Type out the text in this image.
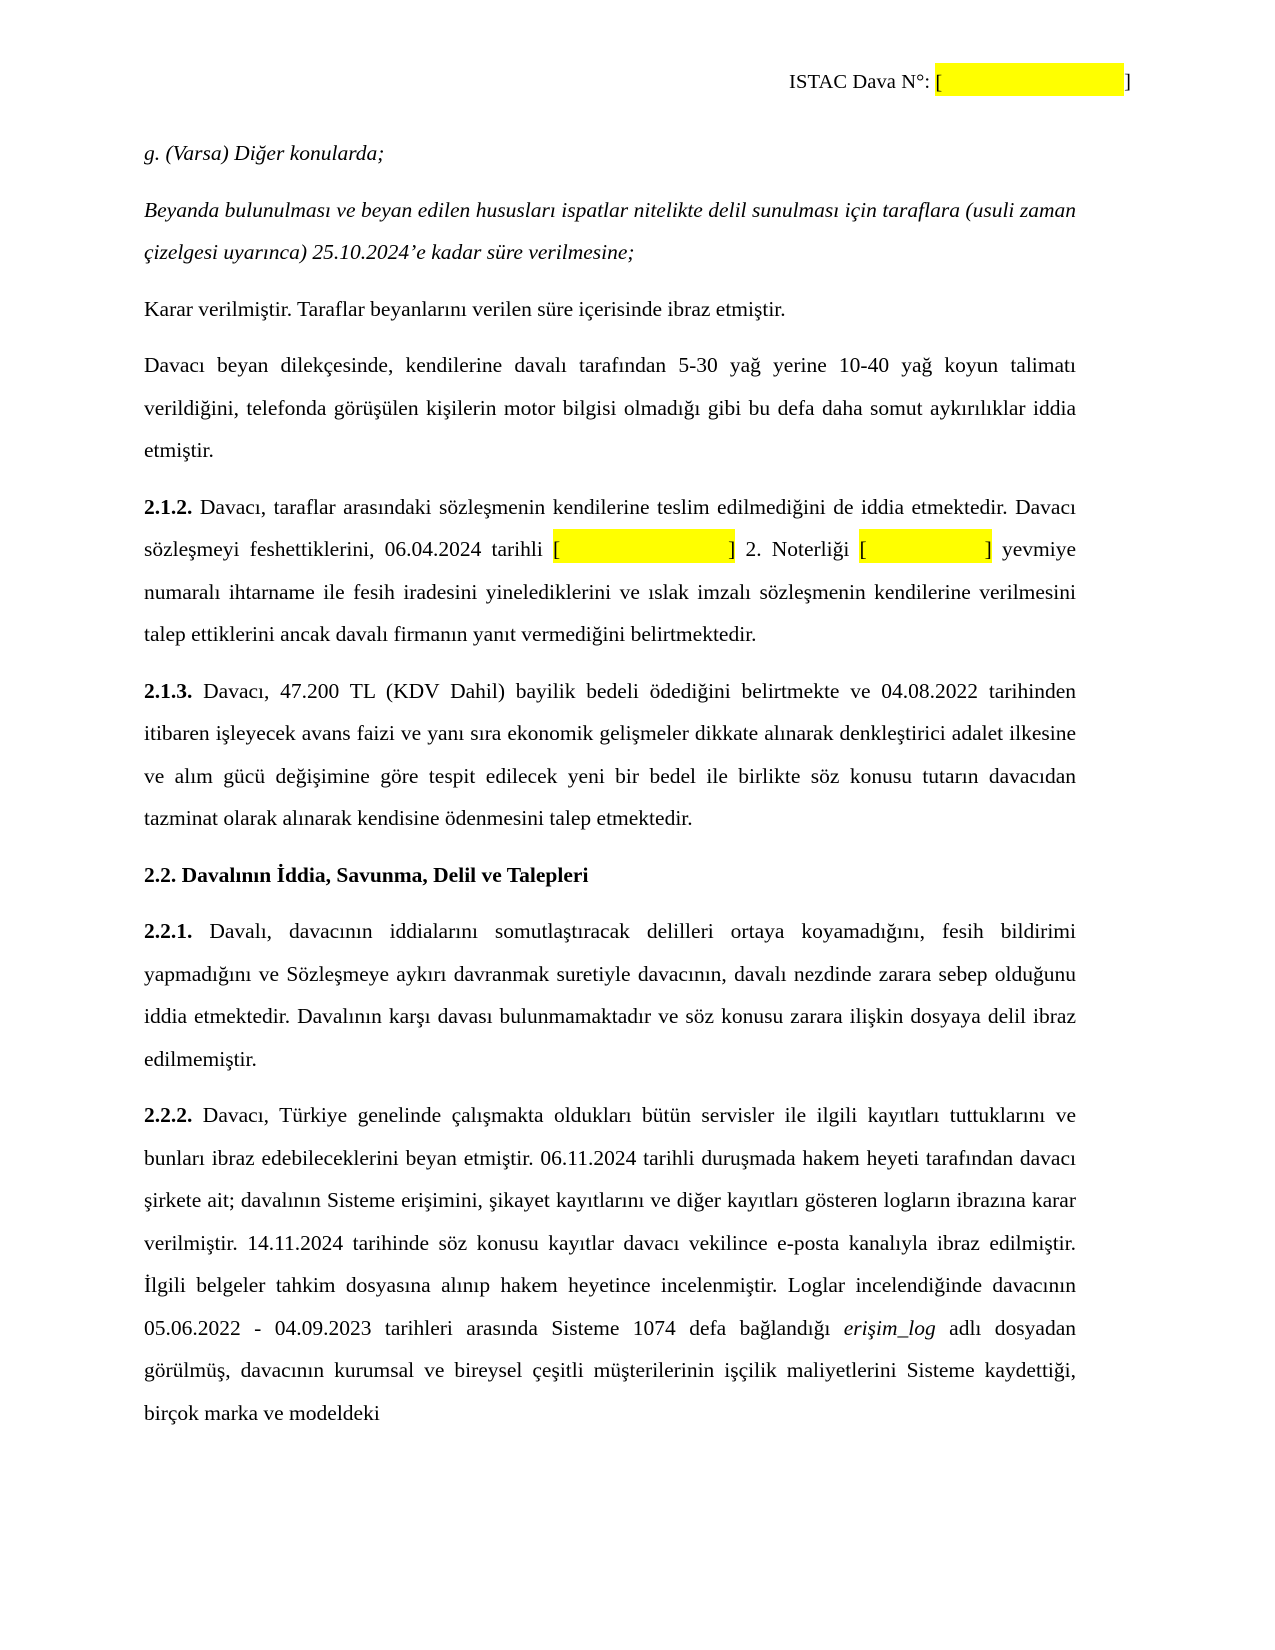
ISTAC Dava N°: [	]

g. (Varsa) Diğer konularda;

Beyanda bulunulması ve beyan edilen hususları ispatlar nitelikte delil sunulması için taraflara (usuli zaman çizelgesi uyarınca) 25.10.2024’e kadar süre verilmesine;

Karar verilmiştir. Taraflar beyanlarını verilen süre içerisinde ibraz etmiştir.

Davacı beyan dilekçesinde, kendilerine davalı tarafından 5-30 yağ yerine 10-40 yağ koyun talimatı verildiğini, telefonda görüşülen kişilerin motor bilgisi olmadığı gibi bu defa daha somut aykırılıklar iddia etmiştir.

2.1.2. Davacı, taraflar arasındaki sözleşmenin kendilerine teslim edilmediğini de iddia etmektedir. Davacı sözleşmeyi feshettiklerini, 06.04.2024 tarihli [	] 2. Noterliği [	] yevmiye numaralı ihtarname ile fesih iradesini yinelediklerini ve ıslak imzalı sözleşmenin kendilerine verilmesini talep ettiklerini ancak davalı firmanın yanıt vermediğini belirtmektedir.

2.1.3. Davacı, 47.200 TL (KDV Dahil) bayilik bedeli ödediğini belirtmekte ve 04.08.2022 tarihinden itibaren işleyecek avans faizi ve yanı sıra ekonomik gelişmeler dikkate alınarak denkleştirici adalet ilkesine ve alım gücü değişimine göre tespit edilecek yeni bir bedel ile birlikte söz konusu tutarın davacıdan tazminat olarak alınarak kendisine ödenmesini talep etmektedir.

2.2. Davalının İddia, Savunma, Delil ve Talepleri

2.2.1. Davalı, davacının iddialarını somutlaştıracak delilleri ortaya koyamadığını, fesih bildirimi yapmadığını ve Sözleşmeye aykırı davranmak suretiyle davacının, davalı nezdinde zarara sebep olduğunu iddia etmektedir. Davalının karşı davası bulunmamaktadır ve söz konusu zarara ilişkin dosyaya delil ibraz edilmemiştir.

2.2.2. Davacı, Türkiye genelinde çalışmakta oldukları bütün servisler ile ilgili kayıtları tuttuklarını ve bunları ibraz edebileceklerini beyan etmiştir. 06.11.2024 tarihli duruşmada hakem heyeti tarafından davacı şirkete ait; davalının Sisteme erişimini, şikayet kayıtlarını ve diğer kayıtları gösteren logların ibrazına karar verilmiştir. 14.11.2024 tarihinde söz konusu kayıtlar davacı vekilince e-posta kanalıyla ibraz edilmiştir. İlgili belgeler tahkim dosyasına alınıp hakem heyetince incelenmiştir. Loglar incelendiğinde davacının 05.06.2022 - 04.09.2023 tarihleri arasında Sisteme 1074 defa bağlandığı erişim_log adlı dosyadan görülmüş, davacının kurumsal ve bireysel çeşitli müşterilerinin işçilik maliyetlerini Sisteme kaydettiği, birçok marka ve modeldeki
